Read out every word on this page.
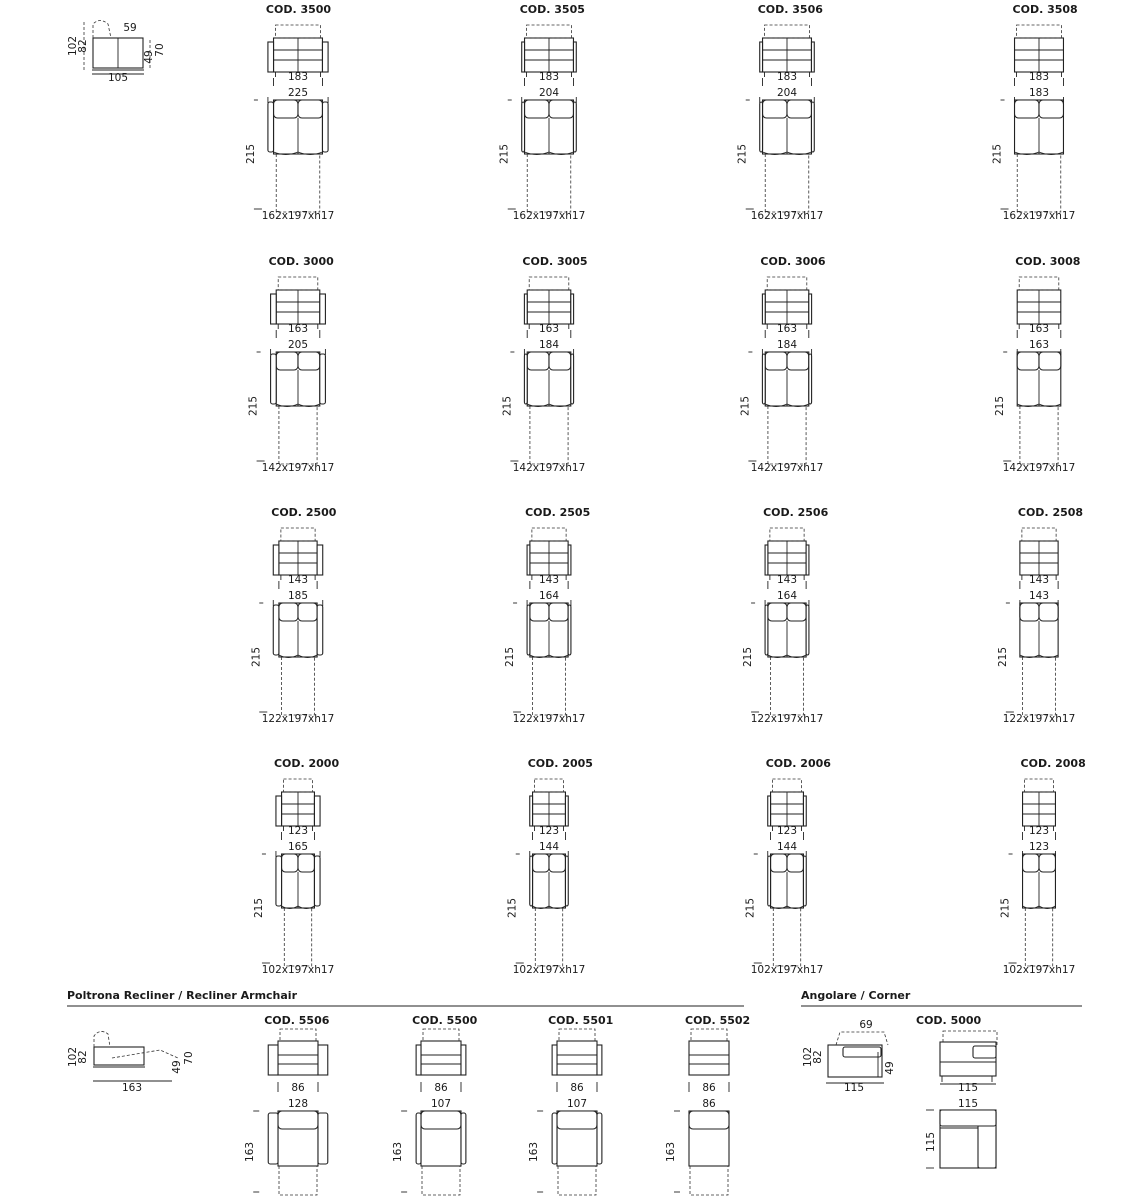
102
82
59
49
70
105
COD. 3500
183
225
215
162x197xh17
COD. 3505
183
204
215
162x197xh17
COD. 3506
183
204
215
162x197xh17
COD. 3508
183
183
215
162x197xh17
COD. 3000
163
205
215
142x197xh17
COD. 3005
163
184
215
142x197xh17
COD. 3006
163
184
215
142x197xh17
COD. 3008
163
163
215
142x197xh17
COD. 2500
143
185
215
122x197xh17
COD. 2505
143
164
215
122x197xh17
COD. 2506
143
164
215
122x197xh17
COD. 2508
143
143
215
122x197xh17
COD. 2000
123
165
215
102x197xh17
COD. 2005
123
144
215
102x197xh17
COD. 2006
123
144
215
102x197xh17
COD. 2008
123
123
215
102x197xh17
Poltrona Recliner / Recliner Armchair
102
82
49
70
163
COD. 5506
86
128
163
COD. 5500
86
107
163
COD. 5501
86
107
163
COD. 5502
86
86
163
Angolare / Corner
69
102
82
49
115
COD. 5000
115
115
115
